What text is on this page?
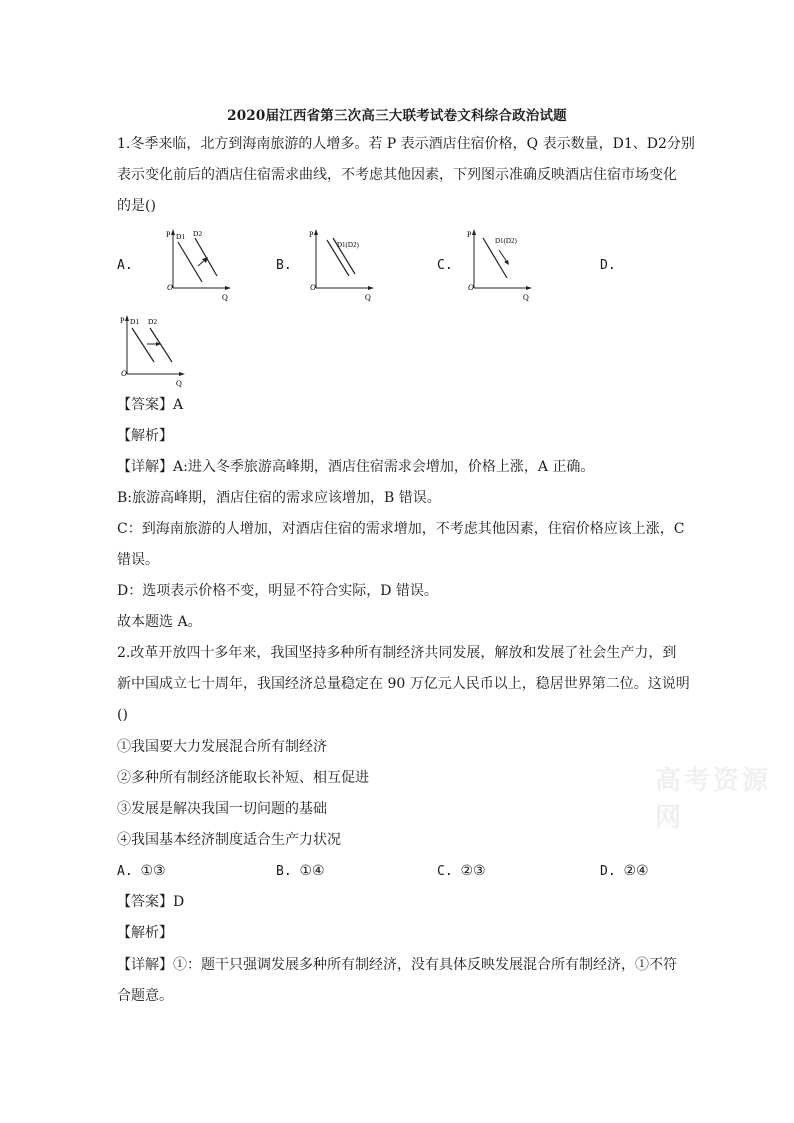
高考资源网
2020届江西省第三次高三大联考试卷文科综合政治试题
1.冬季来临，北方到海南旅游的人增多。若 P 表示酒店住宿价格，Q 表示数量，D1、D2分别
表示变化前后的酒店住宿需求曲线，不考虑其他因素，下列图示准确反映酒店住宿市场变化
的是()
A.	B.	C.	D.
P
O
Q
D1 D2	P
O
Q
D1(D2)
P
O
Q
D1(D2)
P
O
Q
D1 D2
【答案】A
【解析】
【详解】A:进入冬季旅游高峰期，酒店住宿需求会增加，价格上涨，A 正确。
B:旅游高峰期，酒店住宿的需求应该增加，B 错误。
C：到海南旅游的人增加，对酒店住宿的需求增加，不考虑其他因素，住宿价格应该上涨，C
错误。
D：选项表示价格不变，明显不符合实际，D 错误。
故本题选 A。
2.改革开放四十多年来，我国坚持多种所有制经济共同发展，解放和发展了社会生产力，到
新中国成立七十周年，我国经济总量稳定在 90 万亿元人民币以上，稳居世界第二位。这说明
()
①我国要大力发展混合所有制经济
②多种所有制经济能取长补短、相互促进
③发展是解决我国一切问题的基础
④我国基本经济制度适合生产力状况
A. ①③	B. ①④	C. ②③	D. ②④
【答案】D
【解析】
【详解】①：题干只强调发展多种所有制经济，没有具体反映发展混合所有制经济，①不符
合题意。
